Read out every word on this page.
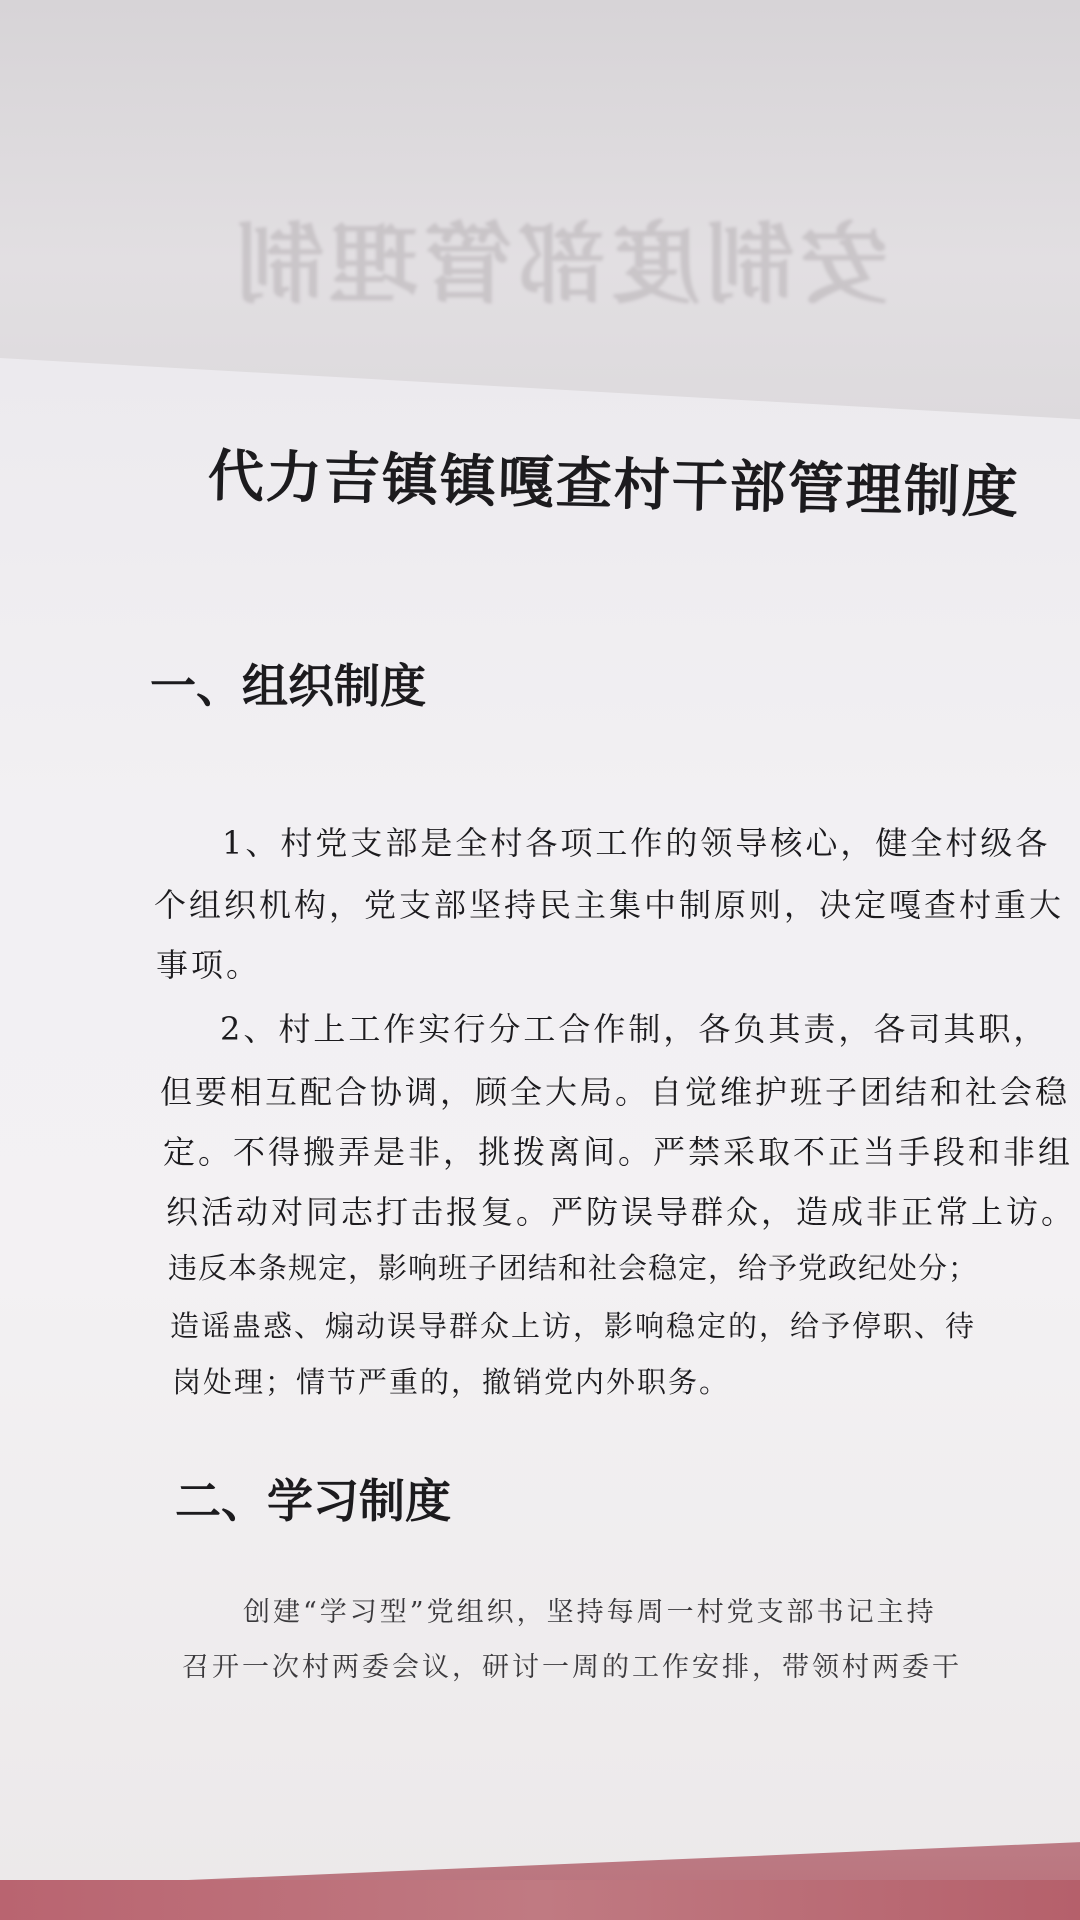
安制度部管理制
代力吉镇镇嘎查村干部管理制度
一、组织制度
1、村党支部是全村各项工作的领导核心，健全村级各
个组织机构，党支部坚持民主集中制原则，决定嘎查村重大
事项。
2、村上工作实行分工合作制，各负其责，各司其职，
但要相互配合协调，顾全大局。自觉维护班子团结和社会稳
定。不得搬弄是非，挑拨离间。严禁采取不正当手段和非组
织活动对同志打击报复。严防误导群众，造成非正常上访。
违反本条规定，影响班子团结和社会稳定，给予党政纪处分；
造谣蛊惑、煽动误导群众上访，影响稳定的，给予停职、待
岗处理；情节严重的，撤销党内外职务。
二、学习制度
创建“学习型”党组织，坚持每周一村党支部书记主持
召开一次村两委会议，研讨一周的工作安排，带领村两委干
